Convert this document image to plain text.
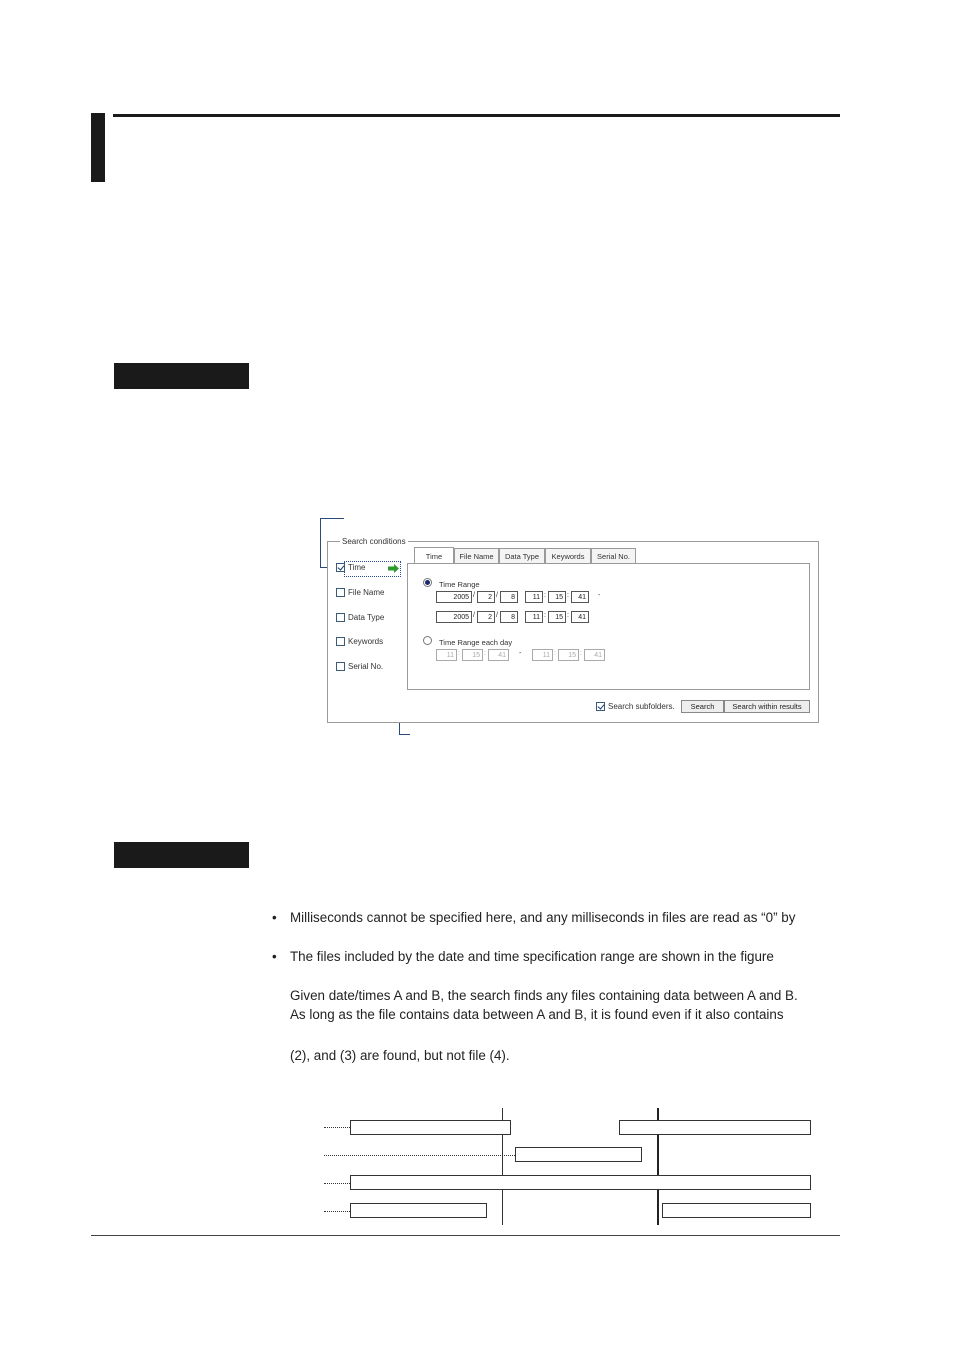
Search conditions
Time
File Name
Data Type
Keywords
Serial No.
Time	File Name	Data Type	Keywords	Serial No.
Time Range
2005 /	2 /	8	11 :	15 :	41	-
2005 /	2 /	8	11 :	15 :	41
Time Range each day
11 :	15 :	41	-	11 :	15 :	41
Search subfolders.	Search	Search within results
• Milliseconds cannot be specified here, and any milliseconds in files are read as “0” by
• The files included by the date and time specification range are shown in the figure
Given date/times A and B, the search finds any files containing data between A and B.
As long as the file contains data between A and B, it is found even if it also contains
(2), and (3) are found, but not file (4).
